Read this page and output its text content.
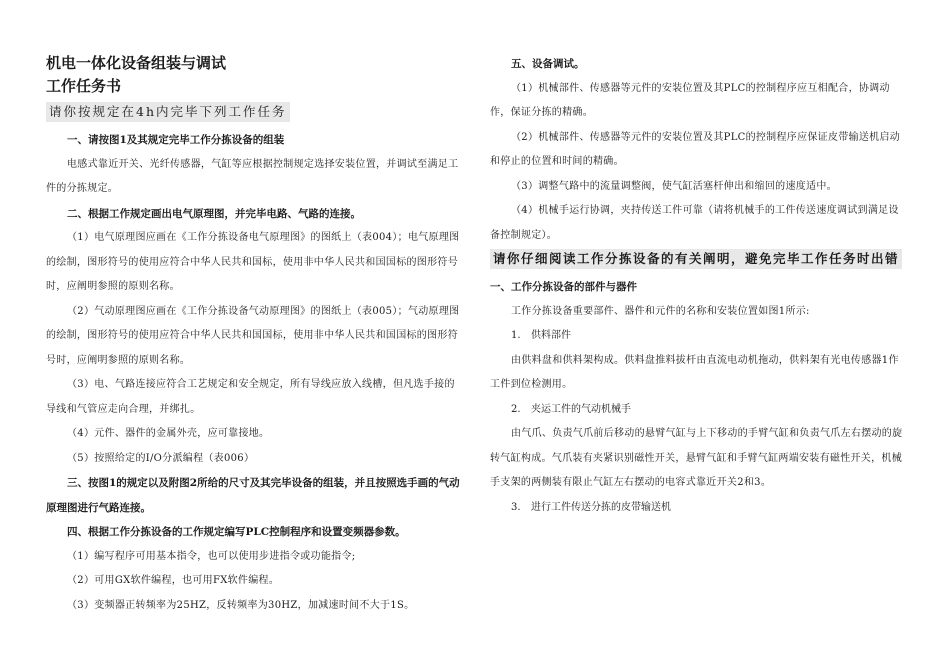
机电一体化设备组装与调试
工作任务书
请你按规定在4h内完毕下列工作任务
一、请按图1及其规定完毕工作分拣设备的组装
电感式靠近开关、光纤传感器，气缸等应根据控制规定选择安装位置，并调试至满足工件的分拣规定。
二、根据工作规定画出电气原理图，并完毕电路、气路的连接。
（1）电气原理图应画在《工作分拣设备电气原理图》的图纸上（表004）；电气原理图的绘制，图形符号的使用应符合中华人民共和国标，使用非中华人民共和国国标的图形符号时，应阐明参照的原则名称。
（2）气动原理图应画在《工作分拣设备气动原理图》的图纸上（表005）；气动原理图的绘制，图形符号的使用应符合中华人民共和国国标，使用非中华人民共和国国标的图形符号时，应阐明参照的原则名称。
（3）电、气路连接应符合工艺规定和安全规定，所有导线应放入线槽，但凡选手接的导线和气管应走向合理，并绑扎。
（4）元件、器件的金属外壳，应可靠接地。
（5）按照给定的I/O分派编程（表006）
三、按图1的规定以及附图2所给的尺寸及其完毕设备的组装，并且按照选手画的气动原理图进行气路连接。
四、根据工作分拣设备的工作规定编写PLC控制程序和设置变频器参数。
（1）编写程序可用基本指令，也可以使用步进指令或功能指令;
（2）可用GX软件编程，也可用FX软件编程。
（3）变频器正转频率为25HZ，反转频率为30HZ，加减速时间不大于1S。
五、设备调试。
（1）机械部件、传感器等元件的安装位置及其PLC的控制程序应互相配合，协调动作，保证分拣的精确。
（2）机械部件、传感器等元件的安装位置及其PLC的控制程序应保证皮带输送机启动和停止的位置和时间的精确。
（3）调整气路中的流量调整阀，使气缸活塞杆伸出和缩回的速度适中。
（4）机械手运行协调，夹持传送工件可靠（请将机械手的工件传送速度调试到满足设备控制规定）。
请你仔细阅读工作分拣设备的有关阐明，避免完毕工作任务时出错
一、工作分拣设备的部件与器件
工作分拣设备重要部件、器件和元件的名称和安装位置如图1所示:
1. 供料部件
由供料盘和供料架构成。供料盘推料拔杆由直流电动机拖动，供料架有光电传感器1作工件到位检测用。
2. 夹运工件的气动机械手
由气爪、负责气爪前后移动的悬臂气缸与上下移动的手臂气缸和负责气爪左右摆动的旋转气缸构成。气爪装有夹紧识别磁性开关，悬臂气缸和手臂气缸两端安装有磁性开关，机械手支架的两侧装有限止气缸左右摆动的电容式靠近开关2和3。
3. 进行工件传送分拣的皮带输送机
